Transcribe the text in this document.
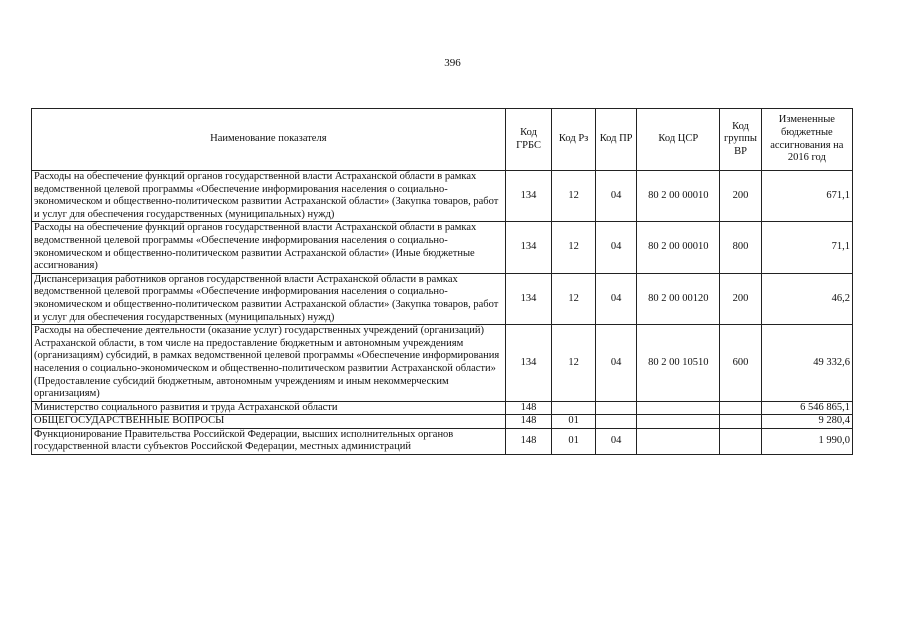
396
Наименование показателя	Код ГРБС	Код Рз	Код ПР	Код ЦСР	Код группы ВР	Измененные бюджетные ассигнования на 2016 год
Расходы на обеспечение функций органов государственной власти Астраханской области в рамках ведомственной целевой программы «Обеспечение информирования населения о социально-экономическом и общественно-политическом развитии Астраханской области» (Закупка товаров, работ и услуг для обеспечения государственных (муниципальных) нужд)	134	12	04	80 2 00 00010	200	671,1
Расходы на обеспечение функций органов государственной власти Астраханской области в рамках ведомственной целевой программы «Обеспечение информирования населения о социально-экономическом и общественно-политическом развитии Астраханской области» (Иные бюджетные ассигнования)	134	12	04	80 2 00 00010	800	71,1
Диспансеризация работников органов государственной власти Астраханской области в рамках ведомственной целевой программы «Обеспечение информирования населения о социально-экономическом и общественно-политическом развитии Астраханской области» (Закупка товаров, работ и услуг для обеспечения государственных (муниципальных) нужд)	134	12	04	80 2 00 00120	200	46,2
Расходы на обеспечение деятельности (оказание услуг) государственных учреждений (организаций) Астраханской области, в том числе на предоставление бюджетным и автономным учреждениям (организациям) субсидий, в рамках ведомственной целевой программы «Обеспечение информирования населения о социально-экономическом и общественно-политическом развитии Астраханской области» (Предоставление субсидий бюджетным, автономным учреждениям и иным некоммерческим организациям)	134	12	04	80 2 00 10510	600	49 332,6
Министерство социального развития и труда Астраханской области	148					6 546 865,1
ОБЩЕГОСУДАРСТВЕННЫЕ ВОПРОСЫ	148	01				9 280,4
Функционирование Правительства Российской Федерации, высших исполнительных органов государственной власти субъектов Российской Федерации, местных администраций	148	01	04			1 990,0
